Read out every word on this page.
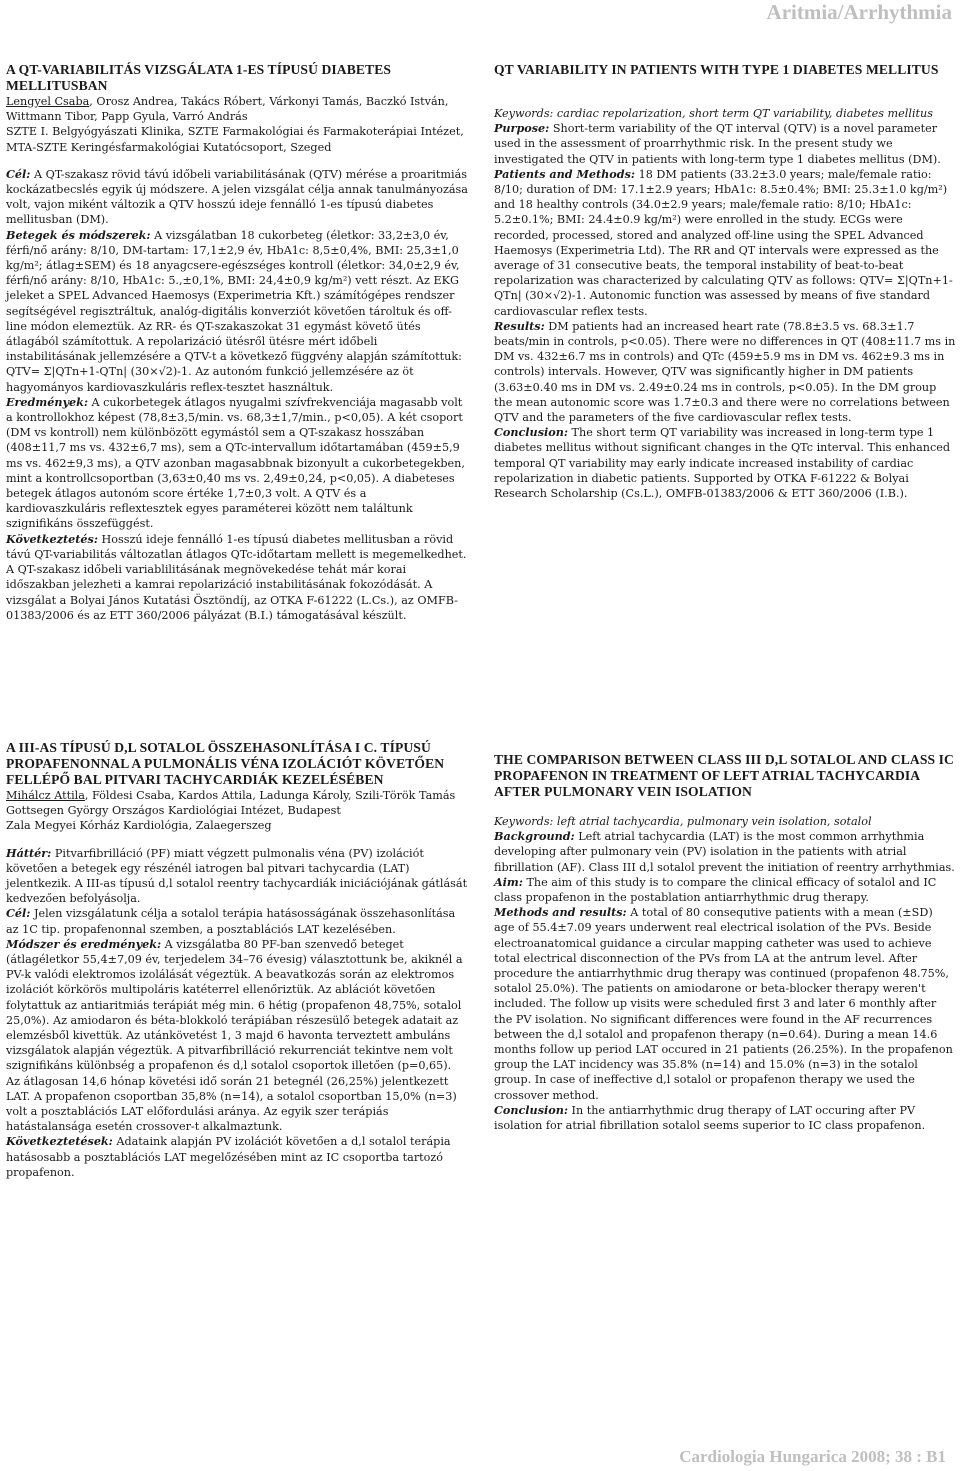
Aritmia/Arrhythmia
A QT-VARIABILITÁS VIZSGÁLATA 1-ES TÍPUSÚ DIABETES MELLITUSBAN

Lengyel Csaba, Orosz Andrea, Takács Róbert, Várkonyi Tamás, Baczkó István, Wittmann Tibor, Papp Gyula, Varró András

SZTE I. Belgyógyászati Klinika, SZTE Farmakológiai és Farmakoterápiai Intézet, MTA-SZTE Keringésfarmakológiai Kutatócsoport, Szeged

Cél: A QT-szakasz rövid távú időbeli variabilitásának (QTV) mérése a proaritmiás kockázatbecslés egyik új módszere. A jelen vizsgálat célja annak tanulmányozása volt, vajon miként változik a QTV hosszú ideje fennálló 1-es típusú diabetes mellitusban (DM).

Betegek és módszerek: A vizsgálatban 18 cukorbeteg (életkor: 33,2±3,0 év, férfi/nő arány: 8/10, DM-tartam: 17,1±2,9 év, HbA1c: 8,5±0,4%, BMI: 25,3±1,0 kg/m²; átlag±SEM) és 18 anyagcsere-egészséges kontroll (életkor: 34,0±2,9 év, férfi/nő arány: 8/10, HbA1c: 5.,±0,1%, BMI: 24,4±0,9 kg/m²) vett részt. Az EKG jeleket a SPEL Advanced Haemosys (Experimetria Kft.) számítógépes rendszer segítségével regisztráltuk, analóg-digitális konverziót követően tároltuk és off-line módon elemeztük. Az RR- és QT-szakaszokat 31 egymást követő ütés átlagából számítottuk. A repolarizáció ütésről ütésre mért időbeli instabilitásának jellemzésére a QTV-t a következő függvény alapján számítottuk: QTV= Σ|QTn+1-QTn| (30×√2)-1. Az autonóm funkció jellemzésére az öt hagyományos kardiovaszkuláris reflex-tesztet használtuk.

Eredmények: A cukorbetegek átlagos nyugalmi szívfrekvenciája magasabb volt a kontrollokhoz képest (78,8±3,5/min. vs. 68,3±1,7/min., p<0,05). A két csoport (DM vs kontroll) nem különbözött egymástól sem a QT-szakasz hosszában (408±11,7 ms vs. 432±6,7 ms), sem a QTc-intervallum időtartamában (459±5,9 ms vs. 462±9,3 ms), a QTV azonban magasabbnak bizonyult a cukorbetegekben, mint a kontrollcsoportban (3,63±0,40 ms vs. 2,49±0,24, p<0,05). A diabeteses betegek átlagos autonóm score értéke 1,7±0,3 volt. A QTV és a kardiovaszkuláris reflextesztek egyes paraméterei között nem találtunk szignifikáns összefüggést.

Következtetés: Hosszú ideje fennálló 1-es típusú diabetes mellitusban a rövid távú QT-variabilitás változatlan átlagos QTc-időtartam mellett is megemelkedhet. A QT-szakasz időbeli variablilitásának megnövekedése tehát már korai időszakban jelezheti a kamrai repolarizáció instabilitásának fokozódását. A vizsgálat a Bolyai János Kutatási Ösztöndíj, az OTKA F-61222 (L.Cs.), az OMFB-01383/2006 és az ETT 360/2006 pályázat (B.I.) támogatásával készült.

QT VARIABILITY IN PATIENTS WITH TYPE 1 DIABETES MELLITUS

Keywords: cardiac repolarization, short term QT variability, diabetes mellitus

Purpose: Short-term variability of the QT interval (QTV) is a novel parameter used in the assessment of proarrhythmic risk. In the present study we investigated the QTV in patients with long-term type 1 diabetes mellitus (DM).

Patients and Methods: 18 DM patients (33.2±3.0 years; male/female ratio: 8/10; duration of DM: 17.1±2.9 years; HbA1c: 8.5±0.4%; BMI: 25.3±1.0 kg/m²) and 18 healthy controls (34.0±2.9 years; male/female ratio: 8/10; HbA1c: 5.2±0.1%; BMI: 24.4±0.9 kg/m²) were enrolled in the study. ECGs were recorded, processed, stored and analyzed off-line using the SPEL Advanced Haemosys (Experimetria Ltd). The RR and QT intervals were expressed as the average of 31 consecutive beats, the temporal instability of beat-to-beat repolarization was characterized by calculating QTV as follows: QTV= Σ|QTn+1-QTn| (30×√2)-1. Autonomic function was assessed by means of five standard cardiovascular reflex tests.

Results: DM patients had an increased heart rate (78.8±3.5 vs. 68.3±1.7 beats/min in controls, p<0.05). There were no differences in QT (408±11.7 ms in DM vs. 432±6.7 ms in controls) and QTc (459±5.9 ms in DM vs. 462±9.3 ms in controls) intervals. However, QTV was significantly higher in DM patients (3.63±0.40 ms in DM vs. 2.49±0.24 ms in controls, p<0.05). In the DM group the mean autonomic score was 1.7±0.3 and there were no correlations between QTV and the parameters of the five cardiovascular reflex tests.

Conclusion: The short term QT variability was increased in long-term type 1 diabetes mellitus without significant changes in the QTc interval. This enhanced temporal QT variability may early indicate increased instability of cardiac repolarization in diabetic patients. Supported by OTKA F-61222 & Bolyai Research Scholarship (Cs.L.), OMFB-01383/2006 & ETT 360/2006 (I.B.).

A III-AS TÍPUSÚ D,L SOTALOL ÖSSZEHASONLÍTÁSA I C. TÍPUSÚ PROPAFENONNAL A PULMONÁLIS VÉNA IZOLÁCIÓT KÖVETŐEN FELLÉPŐ BAL PITVARI TACHYCARDIÁK KEZELÉSÉBEN

Mihálcz Attila, Földesi Csaba, Kardos Attila, Ladunga Károly, Szili-Török Tamás

Gottsegen György Országos Kardiológiai Intézet, Budapest

Zala Megyei Kórház Kardiológia, Zalaegerszeg

Háttér: Pitvarfibrilláció (PF) miatt végzett pulmonalis véna (PV) izolációt követően a betegek egy részénél iatrogen bal pitvari tachycardia (LAT) jelentkezik. A III-as típusú d,l sotalol reentry tachycardiák iniciációjának gátlását kedvezően befolyásolja.

Cél: Jelen vizsgálatunk célja a sotalol terápia hatásosságának összehasonlítása az 1C tip. propafenonnal szemben, a posztablációs LAT kezelésében.

Módszer és eredmények: A vizsgálatba 80 PF-ban szenvedő beteget (átlagéletkor 55,4±7,09 év, terjedelem 34–76 évesig) választottunk be, akiknél a PV-k valódi elektromos izolálását végeztük. A beavatkozás során az elektromos izolációt körkörös multipoláris katéterrel ellenőriztük. Az ablációt követően folytattuk az antiaritmiás terápiát még min. 6 hétig (propafenon 48,75%, sotalol 25,0%). Az amiodaron és béta-blokkoló terápiában részesülő betegek adatait az elemzésből kivettük. Az utánkövetést 1, 3 majd 6 havonta terveztett ambuláns vizsgálatok alapján végeztük. A pitvarfibrilláció rekurrenciát tekintve nem volt szignifikáns különbség a propafenon és d,l sotalol csoportok illetően (p=0,65). Az átlagosan 14,6 hónap követési idő során 21 betegnél (26,25%) jelentkezett LAT. A propafenon csoportban 35,8% (n=14), a sotalol csoportban 15,0% (n=3) volt a posztablációs LAT előfordulási aránya. Az egyik szer terápiás hatástalansága esetén crossover-t alkalmaztunk.

Következtetések: Adataink alapján PV izolációt követően a d,l sotalol terápia hatásosabb a posztablációs LAT megelőzésében mint az IC csoportba tartozó propafenon.

THE COMPARISON BETWEEN CLASS III D,L SOTALOL AND CLASS IC PROPAFENON IN TREATMENT OF LEFT ATRIAL TACHYCARDIA AFTER PULMONARY VEIN ISOLATION

Keywords: left atrial tachycardia, pulmonary vein isolation, sotalol

Background: Left atrial tachycardia (LAT) is the most common arrhythmia developing after pulmonary vein (PV) isolation in the patients with atrial fibrillation (AF). Class III d,l sotalol prevent the initiation of reentry arrhythmias.

Aim: The aim of this study is to compare the clinical efficacy of sotalol and IC class propafenon in the postablation antiarrhythmic drug therapy.

Methods and results: A total of 80 consequtive patients with a mean (±SD) age of 55.4±7.09 years underwent real electrical isolation of the PVs. Beside electroanatomical guidance a circular mapping catheter was used to achieve total electrical disconnection of the PVs from LA at the antrum level. After procedure the antiarrhythmic drug therapy was continued (propafenon 48.75%, sotalol 25.0%). The patients on amiodarone or beta-blocker therapy weren't included. The follow up visits were scheduled first 3 and later 6 monthly after the PV isolation. No significant differences were found in the AF recurrences between the d,l sotalol and propafenon therapy (n=0.64). During a mean 14.6 months follow up period LAT occured in 21 patients (26.25%). In the propafenon group the LAT incidency was 35.8% (n=14) and 15.0% (n=3) in the sotalol group. In case of ineffective d,l sotalol or propafenon therapy we used the crossover method.

Conclusion: In the antiarrhythmic drug therapy of LAT occuring after PV isolation for atrial fibrillation sotalol seems superior to IC class propafenon.

Cardiologia Hungarica 2008; 38 : B1
